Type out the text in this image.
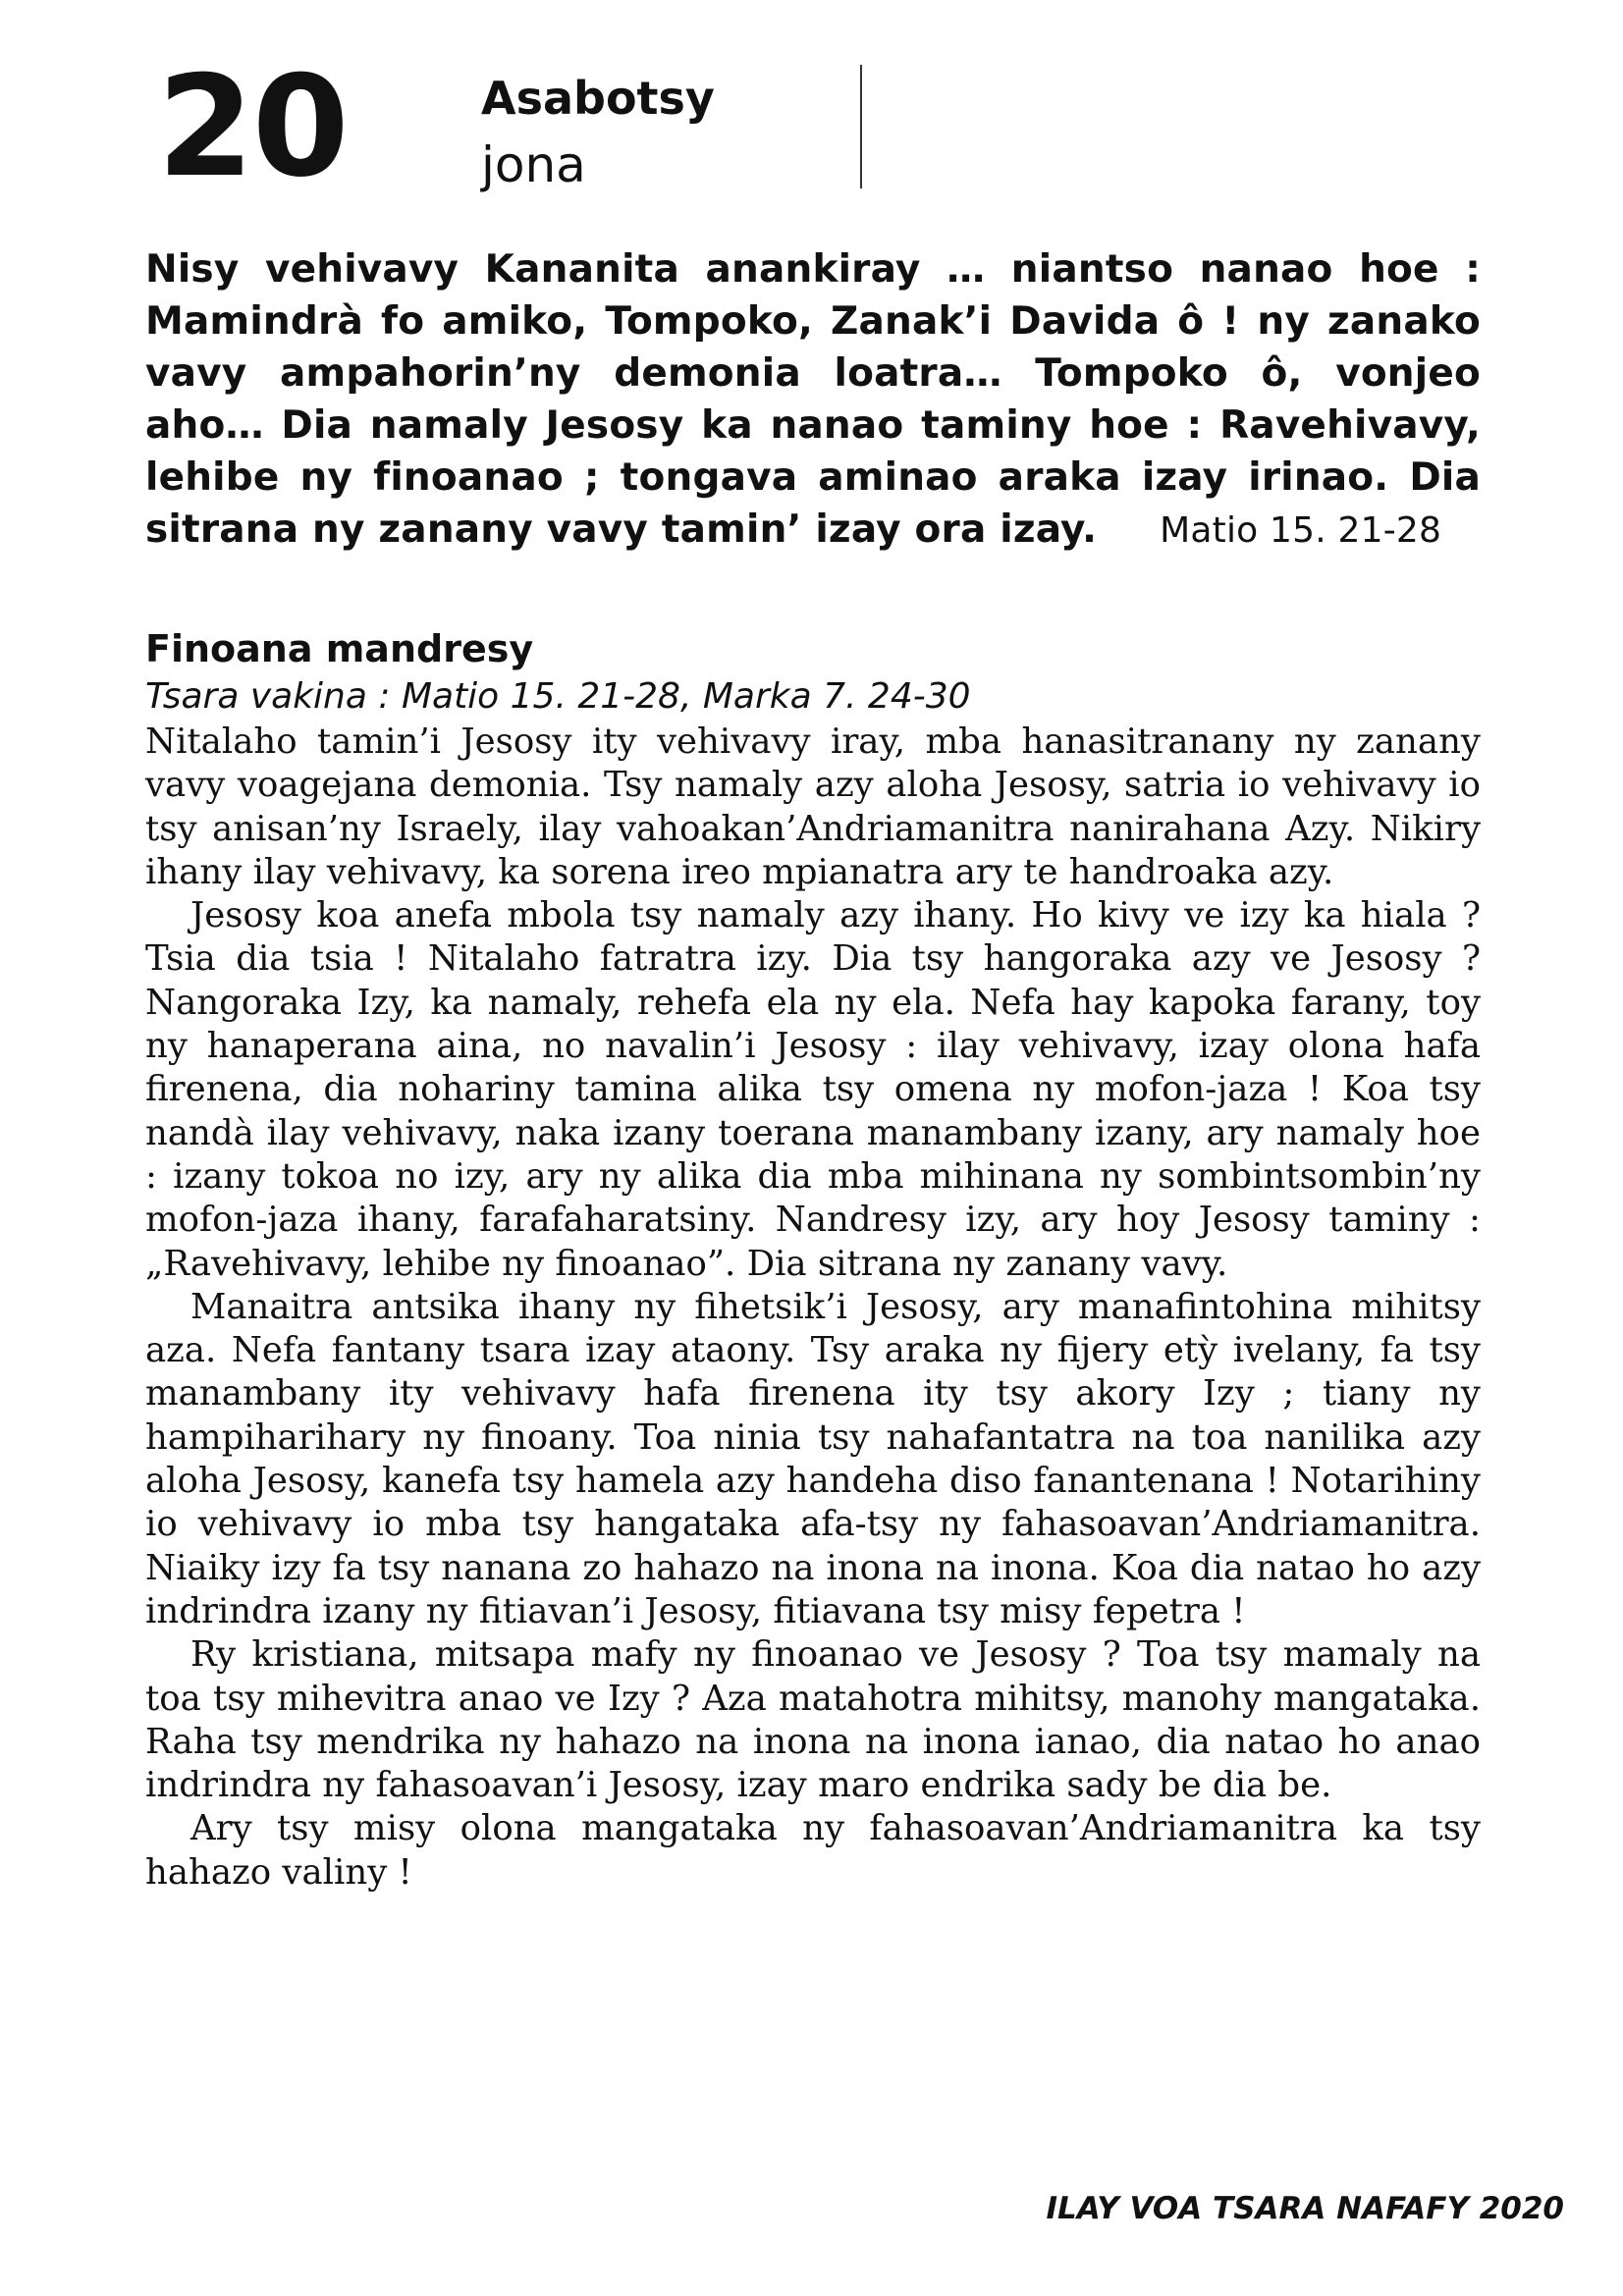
20	Asabotsy
jona
Nisy vehivavy Kananita anankiray … niantso nanao hoe : Mamindrà fo amiko, Tompoko, Zanak’i Davida ô ! ny zanako vavy ampahorin’ny demonia loatra… Tompoko ô, vonjeo aho… Dia namaly Jesosy ka nanao taminy hoe : Ravehivavy, lehibe ny finoanao ; tongava aminao araka izay irinao. Dia sitrana ny zanany vavy tamin’ izay ora izay. Matio 15. 21-28
Finoana mandresy
Tsara vakina : Matio 15. 21-28, Marka 7. 24-30

Nitalaho tamin’i Jesosy ity vehivavy iray, mba hanasitranany ny zanany vavy voagejana demonia. Tsy namaly azy aloha Jesosy, satria io vehivavy io tsy anisan’ny Israely, ilay vahoakan’Andriamanitra nanirahana Azy. Nikiry ihany ilay vehivavy, ka sorena ireo mpianatra ary te handroaka azy.

Jesosy koa anefa mbola tsy namaly azy ihany. Ho kivy ve izy ka hiala ? Tsia dia tsia ! Nitalaho fatratra izy. Dia tsy hangoraka azy ve Jesosy ? Nangoraka Izy, ka namaly, rehefa ela ny ela. Nefa hay kapoka farany, toy ny hanaperana aina, no navalin’i Jesosy : ilay vehivavy, izay olona hafa firenena, dia nohariny tamina alika tsy omena ny mofon-jaza ! Koa tsy nandà ilay vehivavy, naka izany toerana manambany izany, ary namaly hoe : izany tokoa no izy, ary ny alika dia mba mihinana ny sombintsombin’ny mofon-jaza ihany, farafaharatsiny. Nandresy izy, ary hoy Jesosy taminy : „Ravehivavy, lehibe ny finoanao”. Dia sitrana ny zanany vavy.

Manaitra antsika ihany ny fihetsik’i Jesosy, ary manafintohina mihitsy aza. Nefa fantany tsara izay ataony. Tsy araka ny fijery etỳ ivelany, fa tsy manambany ity vehivavy hafa firenena ity tsy akory Izy ; tiany ny hampiharihary ny finoany. Toa ninia tsy nahafantatra na toa nanilika azy aloha Jesosy, kanefa tsy hamela azy handeha diso fanantenana ! Notarihiny io vehivavy io mba tsy hangataka afa-tsy ny fahasoavan’Andriamanitra. Niaiky izy fa tsy nanana zo hahazo na inona na inona. Koa dia natao ho azy indrindra izany ny fitiavan’i Jesosy, fitiavana tsy misy fepetra !

Ry kristiana, mitsapa mafy ny finoanao ve Jesosy ? Toa tsy mamaly na toa tsy mihevitra anao ve Izy ? Aza matahotra mihitsy, manohy mangataka. Raha tsy mendrika ny hahazo na inona na inona ianao, dia natao ho anao indrindra ny fahasoavan’i Jesosy, izay maro endrika sady be dia be.

Ary tsy misy olona mangataka ny fahasoavan’Andriamanitra ka tsy hahazo valiny !

ILAY VOA TSARA NAFAFY 2020
